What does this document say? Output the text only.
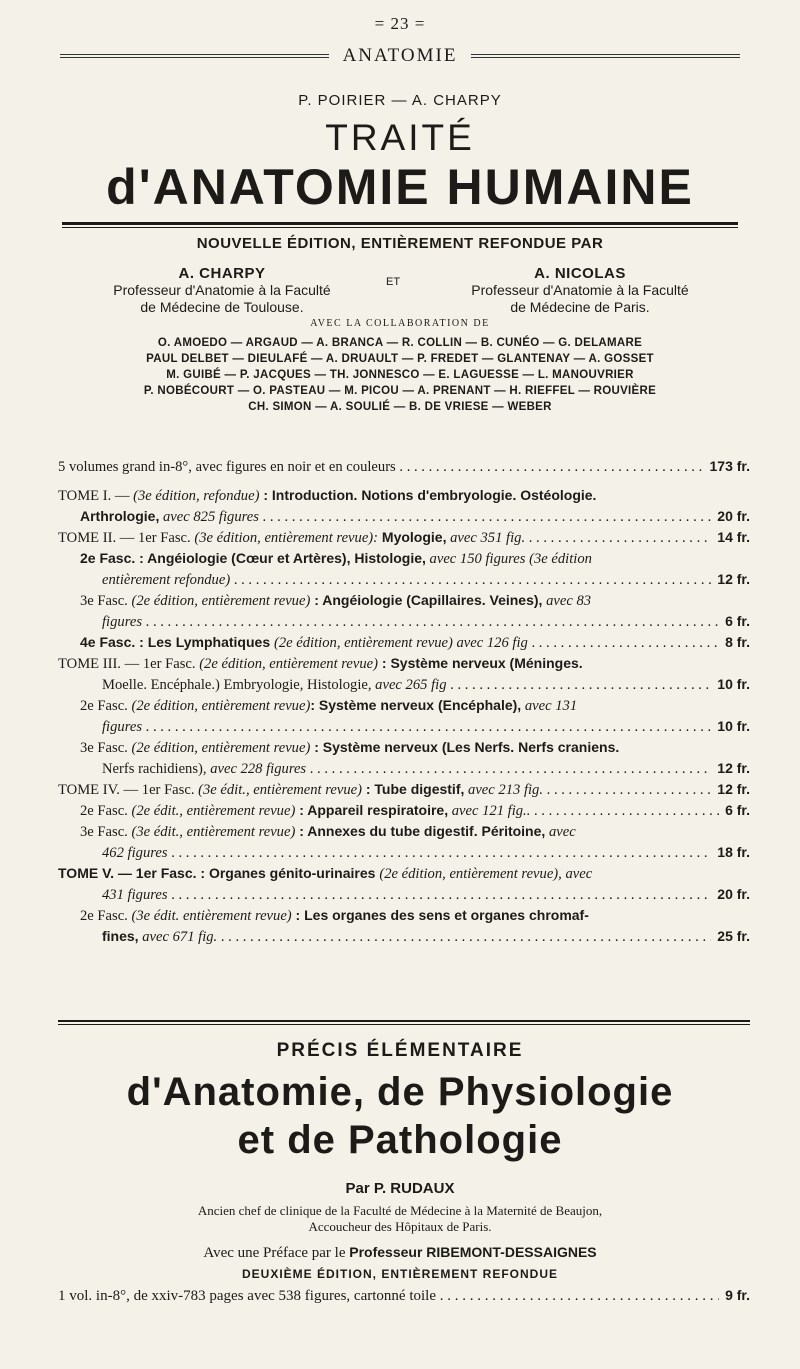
= 23 =
ANATOMIE
P. POIRIER — A. CHARPY
TRAITÉ
d'ANATOMIE HUMAINE
NOUVELLE ÉDITION, ENTIÈREMENT REFONDUE PAR
A. CHARPY
Professeur d'Anatomie à la Faculté
de Médecine de Toulouse.
ET	A. NICOLAS
Professeur d'Anatomie à la Faculté
de Médecine de Paris.
AVEC LA COLLABORATION DE
O. AMOEDO — ARGAUD — A. BRANCA — R. COLLIN — B. CUNÉO — G. DELAMARE
PAUL DELBET — DIEULAFÉ — A. DRUAULT — P. FREDET — GLANTENAY — A. GOSSET
M. GUIBÉ — P. JACQUES — TH. JONNESCO — E. LAGUESSE — L. MANOUVRIER
P. NOBÉCOURT — O. PASTEAU — M. PICOU — A. PRENANT — H. RIEFFEL — ROUVIÈRE
CH. SIMON — A. SOULIÉ — B. DE VRIESE — WEBER
5 volumes grand in-8°, avec figures en noir et en couleurs . . .	173 fr.
TOME I. — (3e édition, refondue) : Introduction. Notions d'embryologie. Ostéologie.
Arthrologie, avec 825 figures . . .	20 fr.
TOME II. — 1er Fasc. (3e édition, entièrement revue): Myologie, avec 351 fig. . . .	14 fr.
2e Fasc. : Angéiologie (Cœur et Artères), Histologie, avec 150 figures (3e édition
entièrement refondue) . . .	12 fr.
3e Fasc. (2e édition, entièrement revue) : Angéiologie (Capillaires. Veines), avec 83
figures . . .	6 fr.
4e Fasc. : Les Lymphatiques (2e édition, entièrement revue) avec 126 fig . . .	8 fr.
TOME III. — 1er Fasc. (2e édition, entièrement revue) : Système nerveux (Méninges.
Moelle. Encéphale.) Embryologie, Histologie, avec 265 fig . . .	10 fr.
2e Fasc. (2e édition, entièrement revue): Système nerveux (Encéphale), avec 131
figures . . .	10 fr.
3e Fasc. (2e édition, entièrement revue) : Système nerveux (Les Nerfs. Nerfs craniens.
Nerfs rachidiens), avec 228 figures . . .	12 fr.
TOME IV. — 1er Fasc. (3e édit., entièrement revue) : Tube digestif, avec 213 fig. . . .	12 fr.
2e Fasc. (2e édit., entièrement revue) : Appareil respiratoire, avec 121 fig.. . . .	6 fr.
3e Fasc. (3e édit., entièrement revue) : Annexes du tube digestif. Péritoine, avec
462 figures . . .	18 fr.
TOME V. — 1er Fasc. : Organes génito-urinaires (2e édition, entièrement revue), avec
431 figures . . .	20 fr.
2e Fasc. (3e édit. entièrement revue) : Les organes des sens et organes chromaf-
fines, avec 671 fig. . . .	25 fr.
PRÉCIS ÉLÉMENTAIRE
d'Anatomie, de Physiologie
et de Pathologie
Par P. RUDAUX
Ancien chef de clinique de la Faculté de Médecine à la Maternité de Beaujon,
Accoucheur des Hôpitaux de Paris.
Avec une Préface par le Professeur RIBEMONT-DESSAIGNES
DEUXIÈME ÉDITION, ENTIÈREMENT REFONDUE
1 vol. in-8°, de xxiv-783 pages avec 538 figures, cartonné toile . . .	9 fr.
